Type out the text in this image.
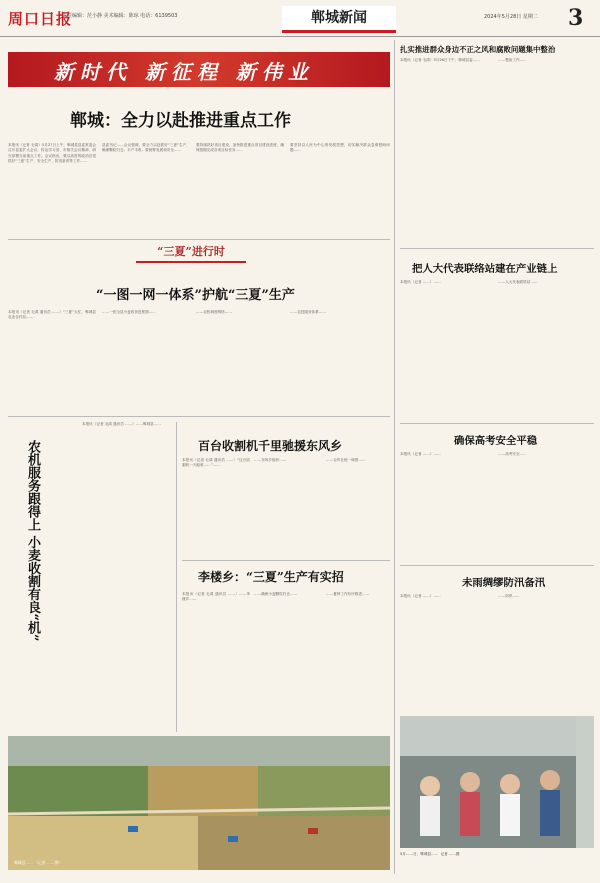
周口日报
责任编辑：范小静 美术编辑：陈琼 电话：6139503	郸城新闻	2024年5月28日 星期二 3
新时代 新征程 新伟业
郸城：全力以赴推进重点工作
本报讯（记者 毛鸿）5月27日上午，郸城县县委常委会召开县委扩大会议，传达学习省、市相关会议精神，研究部署当前重点工作。会议指出，要以高度的政治自觉抓好“三夏”生产、安全生产、防汛备汛等工作……
县委书记……会议强调，要全力以赴抓好“三夏”生产，确保颗粒归仓、丰产丰收；要统筹发展和安全……
要持续抓好项目建设，加快推进重点项目建设进度，确保按期完成各项目标任务……
要坚持以人民为中心的发展思想，切实解决群众急难愁盼问题……
“三夏”进行时
“一图一网一体系”护航“三夏”生产
本报讯（记者 毛鸿 通讯员 ……）“三夏”大忙，郸城县农业农村局……
……一张全县小麦收获进度图……	……农机调度网络……	……农技服务体系……
农机服务跟得上 小麦收割有良“机”
本报讯（记者 毛鸿 通讯员 ……）……郸城县……
百台收割机千里驰援东风乡
本报讯（记者 毛鸿 通讯员 ……）“这台收割机一天能收……”……
……东风乡组织……	……合作社统一调度……
李楼乡：“三夏”生产有实招
本报讯（记者 毛鸿 通讯员 ……）……李楼乡……
……确保小麦颗粒归仓……	……夏种工作有序推进……
郸城县…… （记者 ……摄）
扎实推进群众身边不正之风和腐败问题集中整治
本报讯（记者 毛鸿）5月26日下午，郸城县委……	……整治工作……
把人大代表联络站建在产业链上
本报讯（记者 ……）……	……人大代表联络站……
确保高考安全平稳
本报讯（记者 ……）……	……高考安全……
未雨绸缪防汛备汛
本报讯（记者 ……）……	……防汛……
5月……日，郸城县……  记者 ……摄
